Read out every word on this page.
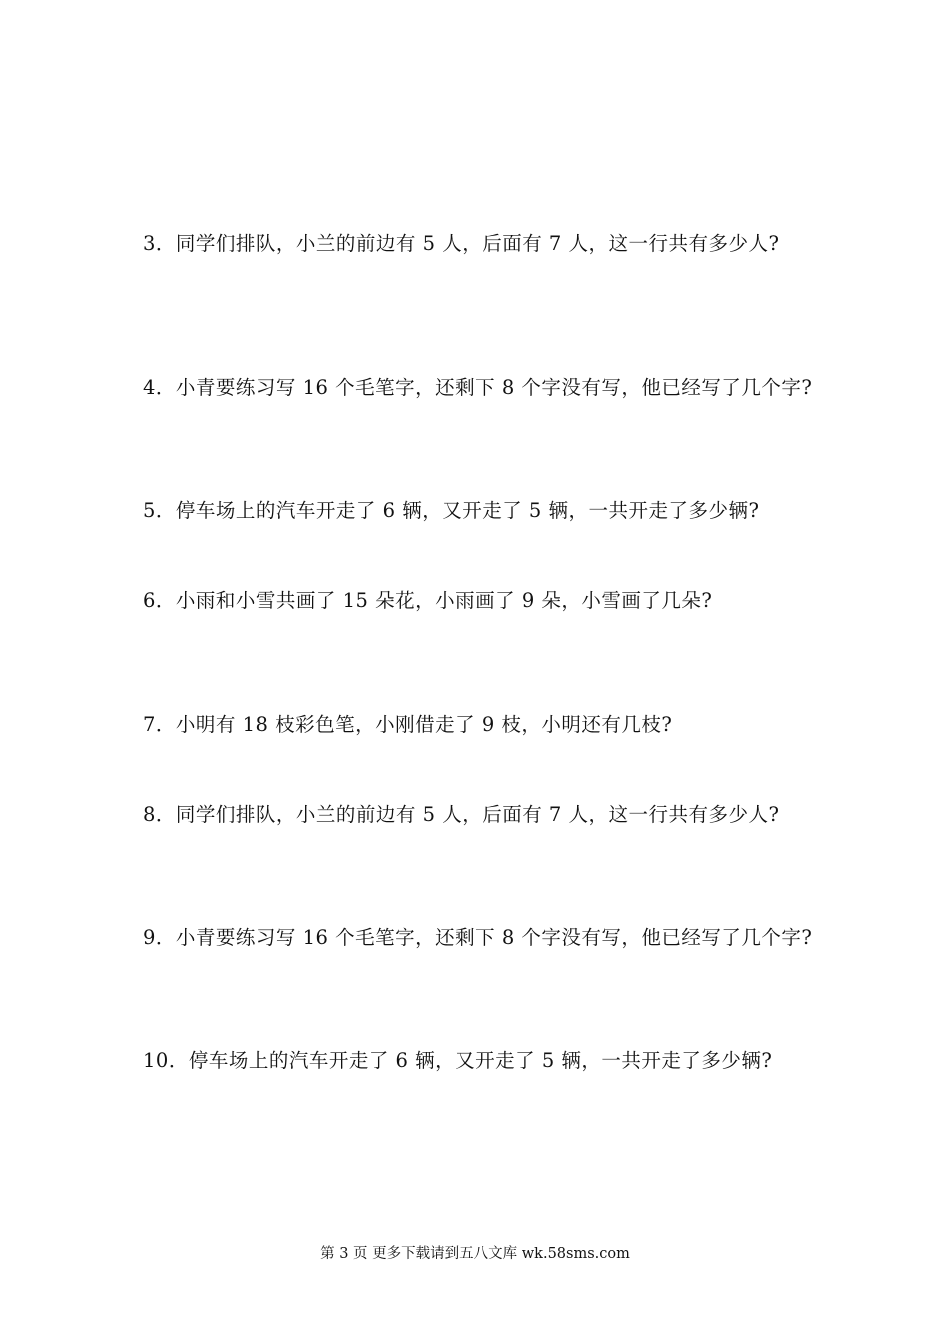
3．同学们排队，小兰的前边有 5 人，后面有 7 人，这一行共有多少人?

4．小青要练习写 16 个毛笔字，还剩下 8 个字没有写，他已经写了几个字?

5．停车场上的汽车开走了 6 辆，又开走了 5 辆，一共开走了多少辆?

6．小雨和小雪共画了 15 朵花，小雨画了 9 朵，小雪画了几朵?

7．小明有 18 枝彩色笔，小刚借走了 9 枝，小明还有几枝?

8．同学们排队，小兰的前边有 5 人，后面有 7 人，这一行共有多少人?

9．小青要练习写 16 个毛笔字，还剩下 8 个字没有写，他已经写了几个字?

10．停车场上的汽车开走了 6 辆，又开走了 5 辆，一共开走了多少辆?

第 3 页 更多下载请到五八文库 wk.58sms.com
